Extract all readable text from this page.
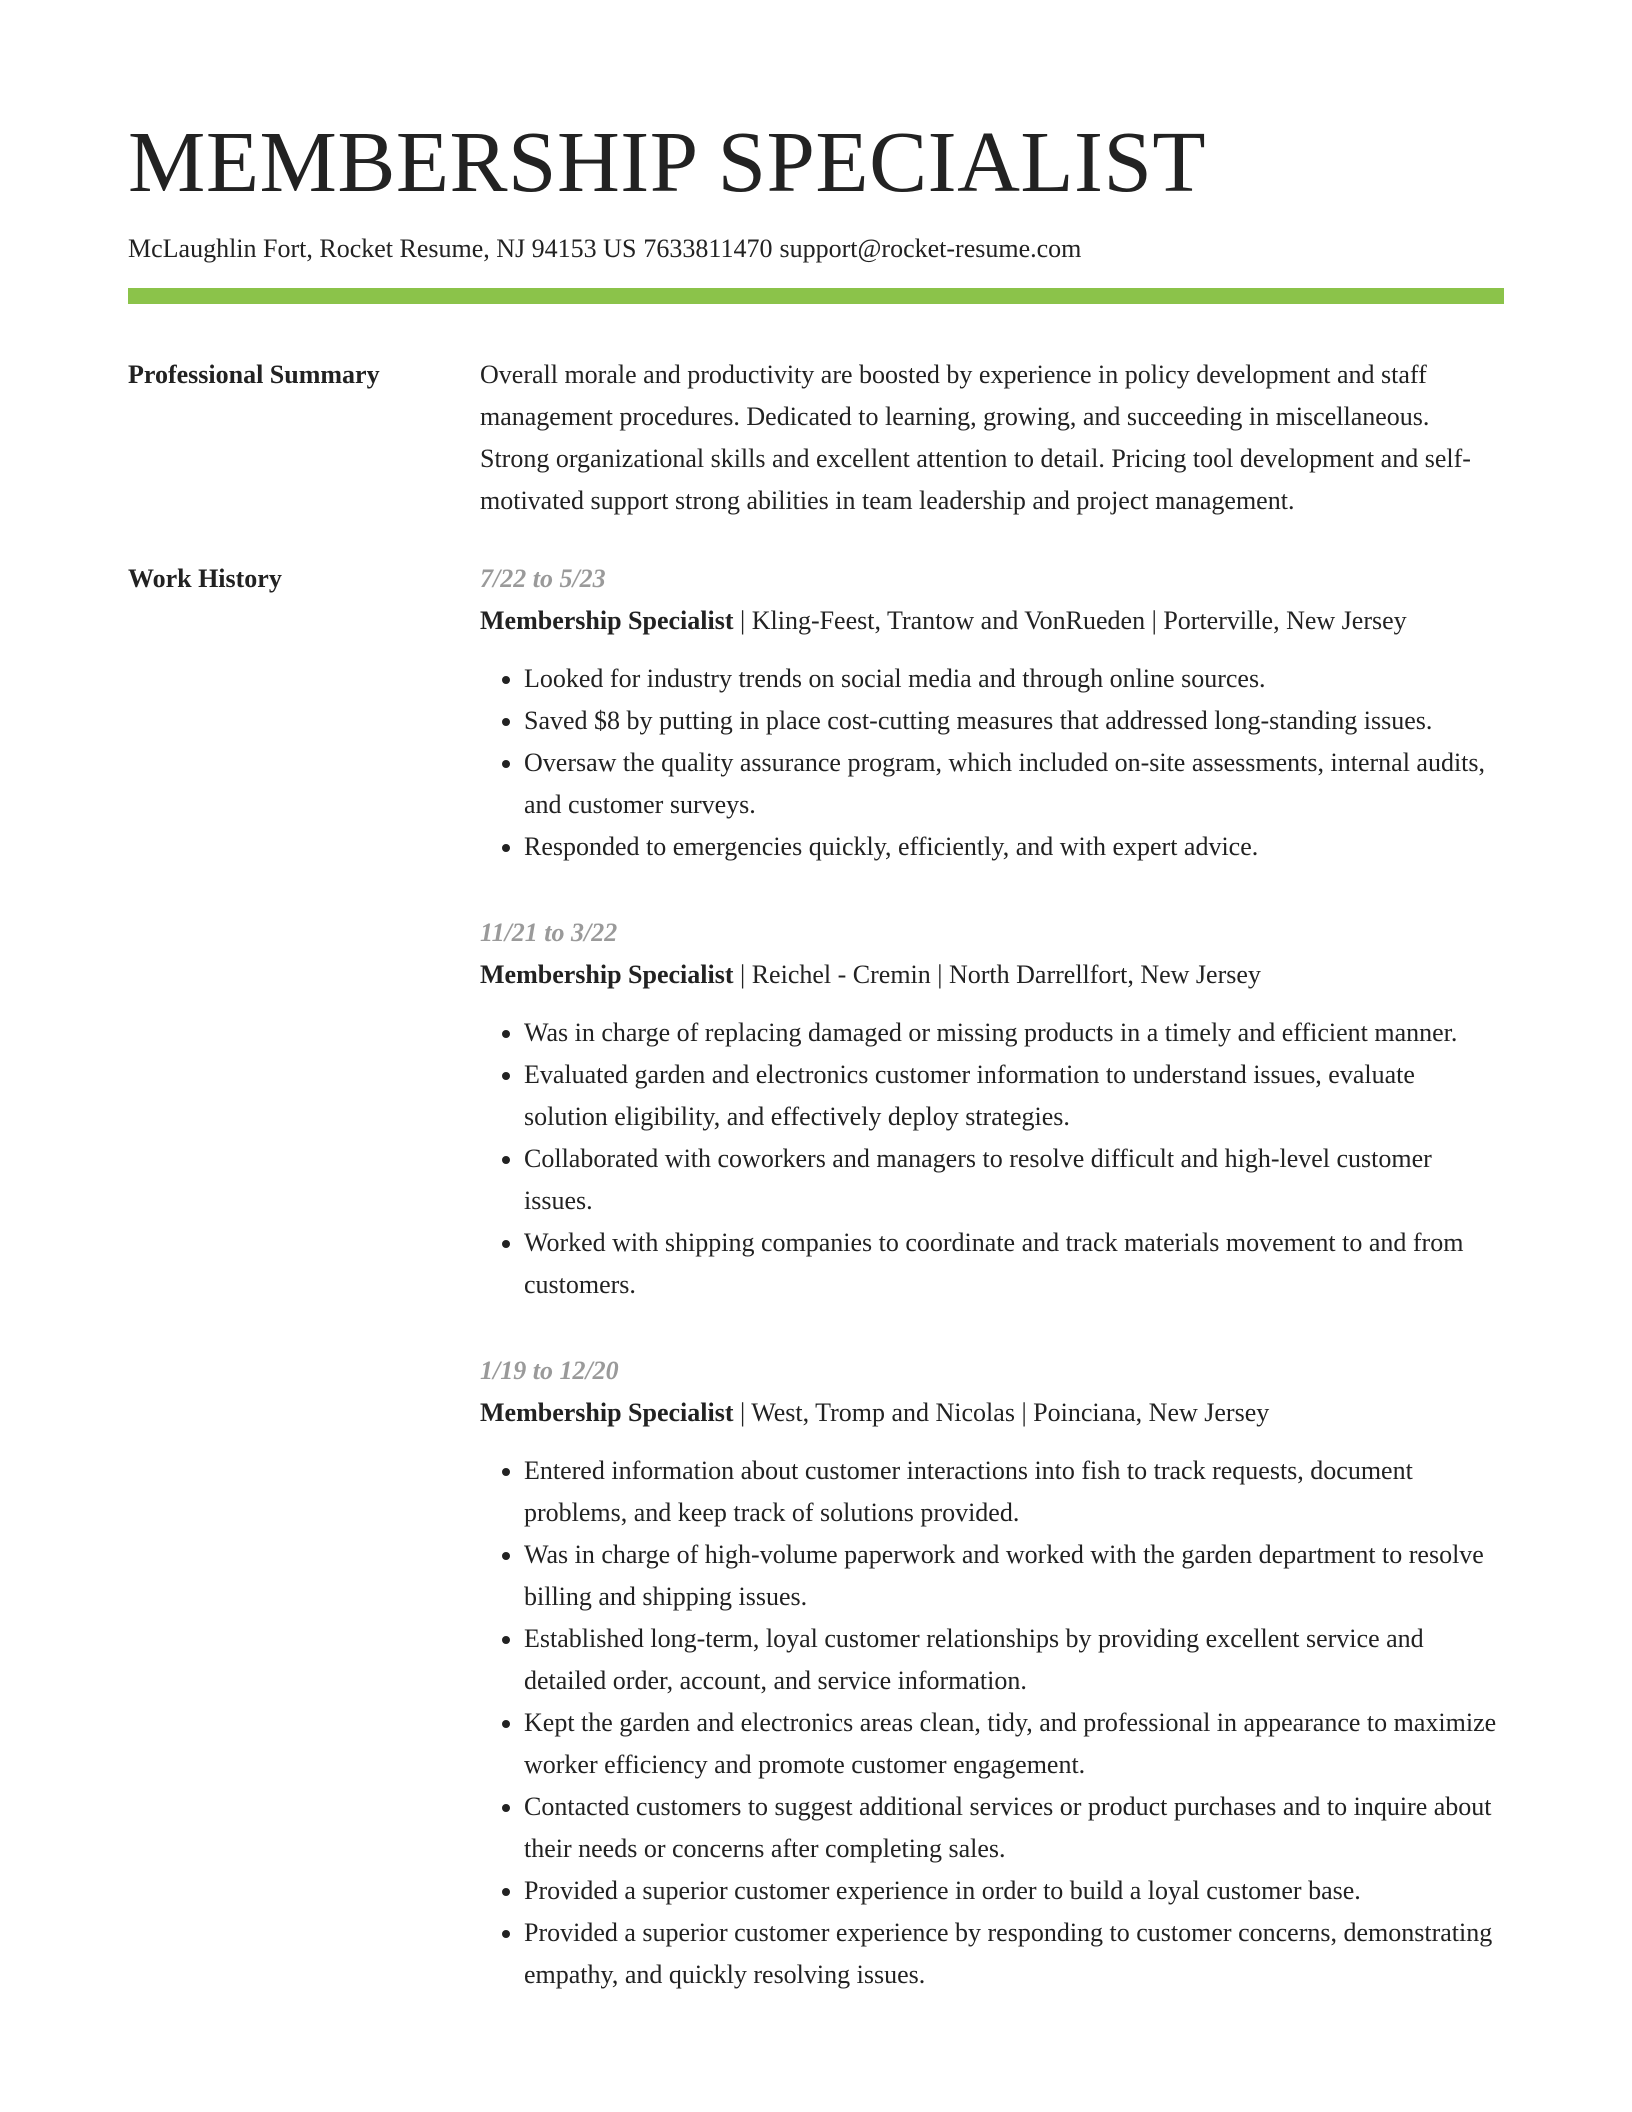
MEMBERSHIP SPECIALIST
McLaughlin Fort, Rocket Resume, NJ 94153 US 7633811470 support@rocket-resume.com
Professional Summary	Overall morale and productivity are boosted by experience in policy development and staff management procedures. Dedicated to learning, growing, and succeeding in miscellaneous. Strong organizational skills and excellent attention to detail. Pricing tool development and self-motivated support strong abilities in team leadership and project management.
Work History	7/22 to 5/23
Membership Specialist | Kling-Feest, Trantow and VonRueden | Porterville, New Jersey
• Looked for industry trends on social media and through online sources.
• Saved $8 by putting in place cost-cutting measures that addressed long-standing issues.
• Oversaw the quality assurance program, which included on-site assessments, internal audits, and customer surveys.
• Responded to emergencies quickly, efficiently, and with expert advice.
11/21 to 3/22
Membership Specialist | Reichel - Cremin | North Darrellfort, New Jersey
• Was in charge of replacing damaged or missing products in a timely and efficient manner.
• Evaluated garden and electronics customer information to understand issues, evaluate solution eligibility, and effectively deploy strategies.
• Collaborated with coworkers and managers to resolve difficult and high-level customer issues.
• Worked with shipping companies to coordinate and track materials movement to and from customers.
1/19 to 12/20
Membership Specialist | West, Tromp and Nicolas | Poinciana, New Jersey
• Entered information about customer interactions into fish to track requests, document problems, and keep track of solutions provided.
• Was in charge of high-volume paperwork and worked with the garden department to resolve billing and shipping issues.
• Established long-term, loyal customer relationships by providing excellent service and detailed order, account, and service information.
• Kept the garden and electronics areas clean, tidy, and professional in appearance to maximize worker efficiency and promote customer engagement.
• Contacted customers to suggest additional services or product purchases and to inquire about their needs or concerns after completing sales.
• Provided a superior customer experience in order to build a loyal customer base.
• Provided a superior customer experience by responding to customer concerns, demonstrating empathy, and quickly resolving issues.
